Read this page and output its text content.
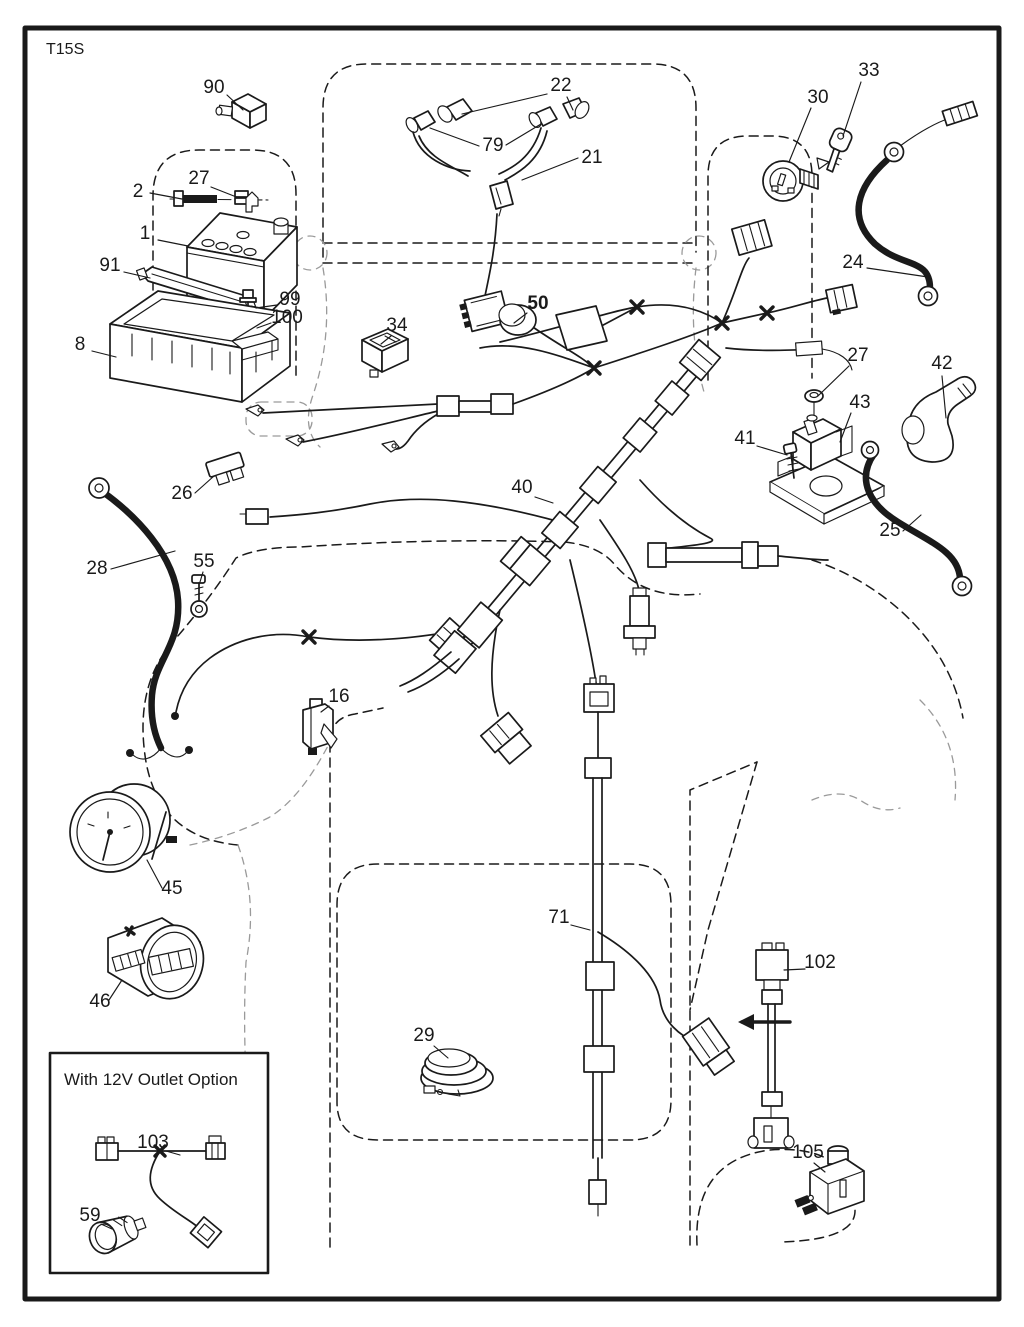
T15S
With 12V Outlet Option
90
2
27
1
91
99
100
8
22
79
21
30
33
24
34
50
26
28	55
40
41
27
43
42
25
16
45
46
29
71
102
105
103
59
